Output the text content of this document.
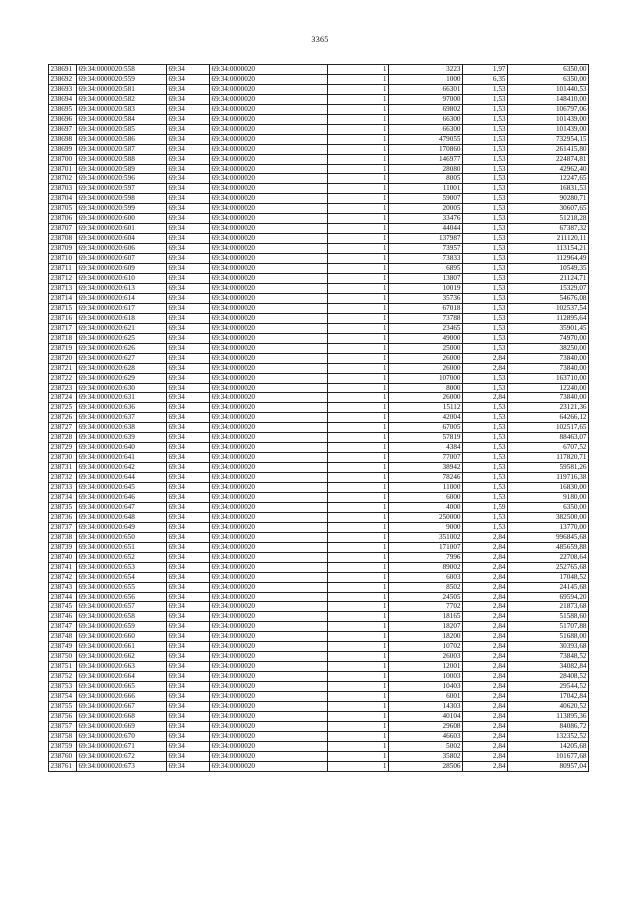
3365
238691	69:34:0000020:558	69:34	69:34:0000020	1	3223	1,97	6350,00
238692	69:34:0000020:559	69:34	69:34:0000020	1	1000	6,35	6350,00
238693	69:34:0000020:581	69:34	69:34:0000020	1	66301	1,53	101440,53
238694	69:34:0000020:582	69:34	69:34:0000020	1	97000	1,53	148410,00
238695	69:34:0000020:583	69:34	69:34:0000020	1	69802	1,53	106797,06
238696	69:34:0000020:584	69:34	69:34:0000020	1	66300	1,53	101439,00
238697	69:34:0000020:585	69:34	69:34:0000020	1	66300	1,53	101439,00
238698	69:34:0000020:586	69:34	69:34:0000020	1	479055	1,53	732954,15
238699	69:34:0000020:587	69:34	69:34:0000020	1	170860	1,53	261415,80
238700	69:34:0000020:588	69:34	69:34:0000020	1	146977	1,53	224874,81
238701	69:34:0000020:589	69:34	69:34:0000020	1	28080	1,53	42962,40
238702	69:34:0000020:596	69:34	69:34:0000020	1	8005	1,53	12247,65
238703	69:34:0000020:597	69:34	69:34:0000020	1	11001	1,53	16831,53
238704	69:34:0000020:598	69:34	69:34:0000020	1	59007	1,53	90280,71
238705	69:34:0000020:599	69:34	69:34:0000020	1	20005	1,53	30607,65
238706	69:34:0000020:600	69:34	69:34:0000020	1	33476	1,53	51218,28
238707	69:34:0000020:601	69:34	69:34:0000020	1	44044	1,53	67387,32
238708	69:34:0000020:604	69:34	69:34:0000020	1	137987	1,53	211120,11
238709	69:34:0000020:606	69:34	69:34:0000020	1	73957	1,53	113154,21
238710	69:34:0000020:607	69:34	69:34:0000020	1	73833	1,53	112964,49
238711	69:34:0000020:609	69:34	69:34:0000020	1	6895	1,53	10549,35
238712	69:34:0000020:610	69:34	69:34:0000020	1	13807	1,53	21124,71
238713	69:34:0000020:613	69:34	69:34:0000020	1	10019	1,53	15329,07
238714	69:34:0000020:614	69:34	69:34:0000020	1	35736	1,53	54676,08
238715	69:34:0000020:617	69:34	69:34:0000020	1	67018	1,53	102537,54
238716	69:34:0000020:618	69:34	69:34:0000020	1	73788	1,53	112895,64
238717	69:34:0000020:621	69:34	69:34:0000020	1	23465	1,53	35901,45
238718	69:34:0000020:625	69:34	69:34:0000020	1	49000	1,53	74970,00
238719	69:34:0000020:626	69:34	69:34:0000020	1	25000	1,53	38250,00
238720	69:34:0000020:627	69:34	69:34:0000020	1	26000	2,84	73840,00
238721	69:34:0000020:628	69:34	69:34:0000020	1	26000	2,84	73840,00
238722	69:34:0000020:629	69:34	69:34:0000020	1	107000	1,53	163710,00
238723	69:34:0000020:630	69:34	69:34:0000020	1	8000	1,53	12240,00
238724	69:34:0000020:631	69:34	69:34:0000020	1	26000	2,84	73840,00
238725	69:34:0000020:636	69:34	69:34:0000020	1	15112	1,53	23121,36
238726	69:34:0000020:637	69:34	69:34:0000020	1	42004	1,53	64266,12
238727	69:34:0000020:638	69:34	69:34:0000020	1	67005	1,53	102517,65
238728	69:34:0000020:639	69:34	69:34:0000020	1	57819	1,53	88463,07
238729	69:34:0000020:640	69:34	69:34:0000020	1	4384	1,53	6707,52
238730	69:34:0000020:641	69:34	69:34:0000020	1	77007	1,53	117820,71
238731	69:34:0000020:642	69:34	69:34:0000020	1	38942	1,53	59581,26
238732	69:34:0000020:644	69:34	69:34:0000020	1	78246	1,53	119716,38
238733	69:34:0000020:645	69:34	69:34:0000020	1	11000	1,53	16830,00
238734	69:34:0000020:646	69:34	69:34:0000020	1	6000	1,53	9180,00
238735	69:34:0000020:647	69:34	69:34:0000020	1	4000	1,59	6350,00
238736	69:34:0000020:648	69:34	69:34:0000020	1	250000	1,53	382500,00
238737	69:34:0000020:649	69:34	69:34:0000020	1	9000	1,53	13770,00
238738	69:34:0000020:650	69:34	69:34:0000020	1	351002	2,84	996845,68
238739	69:34:0000020:651	69:34	69:34:0000020	1	171007	2,84	485659,88
238740	69:34:0000020:652	69:34	69:34:0000020	1	7996	2,84	22708,64
238741	69:34:0000020:653	69:34	69:34:0000020	1	89002	2,84	252765,68
238742	69:34:0000020:654	69:34	69:34:0000020	1	6003	2,84	17048,52
238743	69:34:0000020:655	69:34	69:34:0000020	1	8502	2,84	24145,68
238744	69:34:0000020:656	69:34	69:34:0000020	1	24505	2,84	69594,20
238745	69:34:0000020:657	69:34	69:34:0000020	1	7702	2,84	21873,68
238746	69:34:0000020:658	69:34	69:34:0000020	1	18165	2,84	51588,60
238747	69:34:0000020:659	69:34	69:34:0000020	1	18207	2,84	51707,88
238748	69:34:0000020:660	69:34	69:34:0000020	1	18200	2,84	51688,00
238749	69:34:0000020:661	69:34	69:34:0000020	1	10702	2,84	30393,68
238750	69:34:0000020:662	69:34	69:34:0000020	1	26003	2,84	73848,52
238751	69:34:0000020:663	69:34	69:34:0000020	1	12001	2,84	34082,84
238752	69:34:0000020:664	69:34	69:34:0000020	1	10003	2,84	28408,52
238753	69:34:0000020:665	69:34	69:34:0000020	1	10403	2,84	29544,52
238754	69:34:0000020:666	69:34	69:34:0000020	1	6001	2,84	17042,84
238755	69:34:0000020:667	69:34	69:34:0000020	1	14303	2,84	40620,52
238756	69:34:0000020:668	69:34	69:34:0000020	1	40104	2,84	113895,36
238757	69:34:0000020:669	69:34	69:34:0000020	1	29608	2,84	84086,72
238758	69:34:0000020:670	69:34	69:34:0000020	1	46603	2,84	132352,52
238759	69:34:0000020:671	69:34	69:34:0000020	1	5002	2,84	14205,68
238760	69:34:0000020:672	69:34	69:34:0000020	1	35802	2,84	101677,68
238761	69:34:0000020:673	69:34	69:34:0000020	1	28506	2,84	80957,04
